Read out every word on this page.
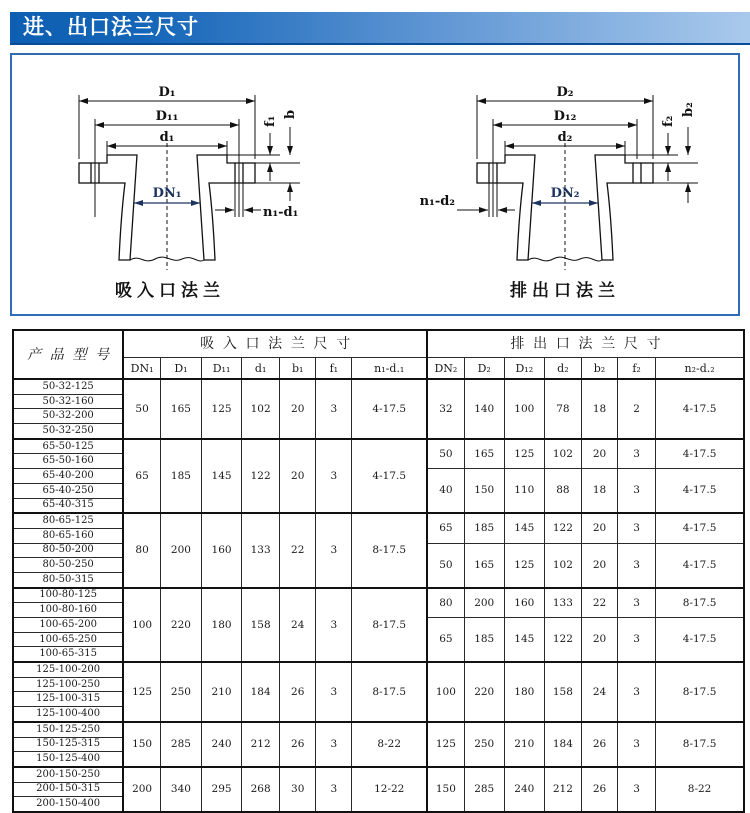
进、出口法兰尺寸
D₁
D₁₁
d₁
DN₁
f₁
b
n₁-d₁
吸入口法兰
D₂
D₁₂
d₂
DN₂
f₂
b₂
n₁-d₂
排出口法兰
产品型号	吸入口法兰尺寸							排出口法兰尺寸						
	DN₁	D₁	D₁₁	d₁	b₁	f₁	n₁-d.₁	DN₂	D₂	D₁₂	d₂	b₂	f₂	n₂-d.₂
50-32-125	50	165	125	102	20	3	4-17.5	32	140	100	78	18	2	4-17.5
50-32-160														
50-32-200														
50-32-250														
65-50-125	65	185	145	122	20	3	4-17.5	50	165	125	102	20	3	4-17.5
65-50-160														
65-40-200								40	150	110	88	18	3	4-17.5
65-40-250														
65-40-315														
80-65-125	80	200	160	133	22	3	8-17.5	65	185	145	122	20	3	4-17.5
80-65-160														
80-50-200								50	165	125	102	20	3	4-17.5
80-50-250														
80-50-315														
100-80-125	100	220	180	158	24	3	8-17.5	80	200	160	133	22	3	8-17.5
100-80-160														
100-65-200								65	185	145	122	20	3	4-17.5
100-65-250														
100-65-315														
125-100-200	125	250	210	184	26	3	8-17.5	100	220	180	158	24	3	8-17.5
125-100-250														
125-100-315														
125-100-400														
150-125-250	150	285	240	212	26	3	8-22	125	250	210	184	26	3	8-17.5
150-125-315														
150-125-400														
200-150-250	200	340	295	268	30	3	12-22	150	285	240	212	26	3	8-22
200-150-315														
200-150-400														
